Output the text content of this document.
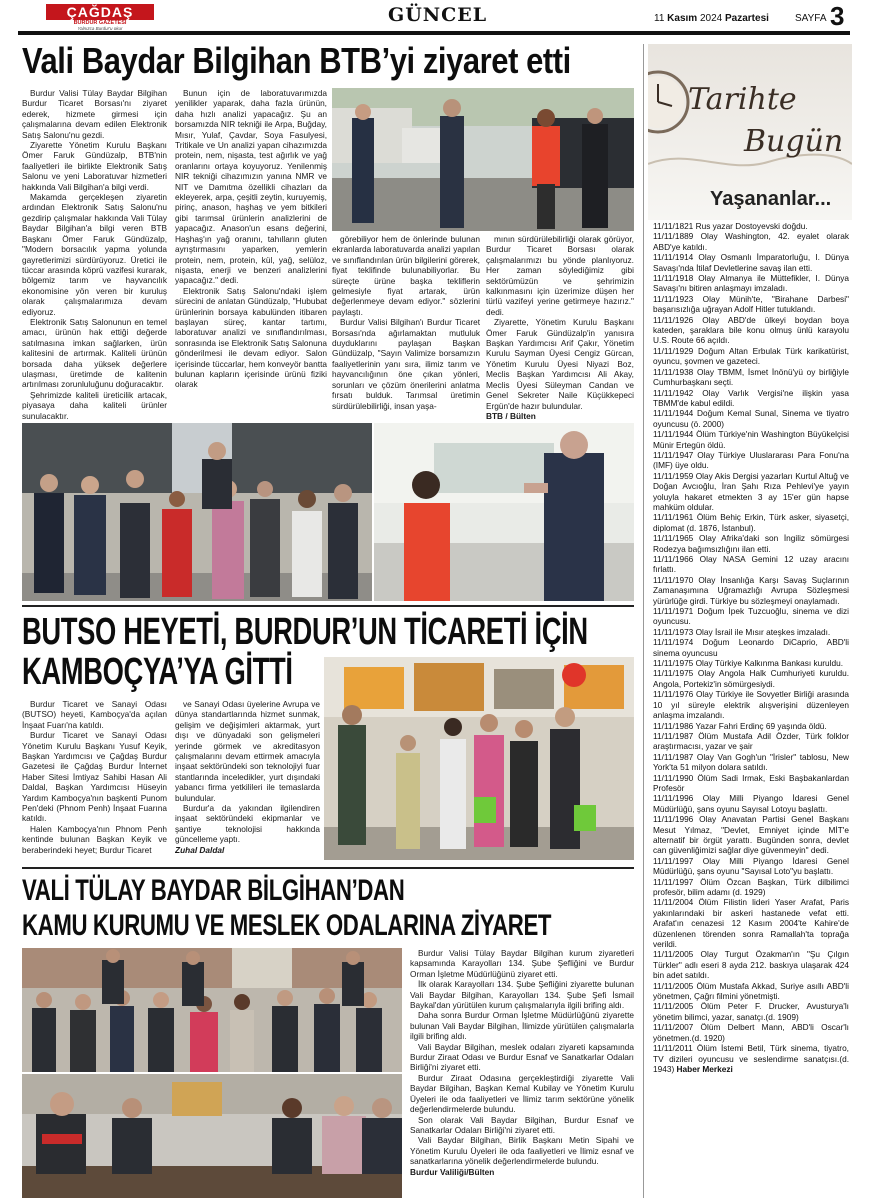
ÇAĞDAŞ
BURDUR GAZETESİ
Yalnızca Burdur'u okur
GÜNCEL	11 Kasım 2024 Pazartesi	SAYFA 3
Vali Baydar Bilgihan BTB’yi ziyaret etti

Burdur Valisi Tülay Baydar Bilgihan Burdur Ticaret Borsası'nı ziyaret ederek, hizmete girmesi için çalışmalarına devam edilen Elektronik Satış Salonu'nu gezdi.

Ziyarette Yönetim Kurulu Başkanı Ömer Faruk Gündüzalp, BTB'nin faaliyetleri ile birlikte Elektronik Satış Salonu ve yeni Laboratuvar hizmetleri hakkında Vali Bilgihan'a bilgi verdi.

Makamda gerçekleşen ziyaretin ardından Elektronik Satış Salonu'nu gezdirip çalışmalar hakkında Vali Tülay Baydar Bilgihan'a bilgi veren BTB Başkanı Ömer Faruk Gündüzalp, "Modern borsacılık yapma yolunda gayretlerimizi sürdürüyoruz. Üretici ile tüccar arasında köprü vazifesi kurarak, bölgemiz tarım ve hayvancılık ekonomisine yön veren bir kuruluş olarak çalışmalarımıza devam ediyoruz.

Elektronik Satış Salonunun en temel amacı, ürünün hak ettiği değerde satılmasına imkan sağlarken, ürün kalitesini de artırmak. Kaliteli ürünün borsada daha yüksek değerlere ulaşması, üretimde de kalitenin artırılması zorunluluğunu doğuracaktır.

Şehrimizde kaliteli üreticilik artacak, piyasaya daha kaliteli ürünler sunulacaktır.

Bunun için de laboratuvarımızda yenilikler yaparak, daha fazla ürünün, daha hızlı analizi yapacağız. Şu an borsamızda NIR tekniği ile Arpa, Buğday, Mısır, Yulaf, Çavdar, Soya Fasulyesi, Tritikale ve Un analizi yapan cihazımızda protein, nem, nişasta, test ağırlık ve yağ oranlarını ortaya koyuyoruz. Yenilenmiş NIR tekniği cihazımızın yanına NMR ve NIT ve Damıtma özellikli cihazları da ekleyerek, arpa, çeşitli zeytin, kuruyemiş, pirinç, anason, haşhaş ve yem bitkileri gibi tarımsal ürünlerin analizlerini de yapacağız. Anason'un esans değerini, Haşhaş'ın yağ oranını, tahılların gluten ayrıştırmasını yaparken, yemlerin protein, nem, protein, kül, yağ, selüloz, nişasta, enerji ve benzeri analizlerini yapacağız." dedi.

Elektronik Satış Salonu'ndaki işlem sürecini de anlatan Gündüzalp, "Hububat ürünlerinin borsaya kabulünden itibaren başlayan süreç, kantar tartımı, laboratuvar analizi ve sınıflandırılması, sonrasında ise Elektronik Satış Salonuna gönderilmesi ile devam ediyor. Salon içerisinde tüccarlar, hem konveyör bantta bulunan kapların içerisinde ürünü fiziki olarak

görebiliyor hem de önlerinde bulunan ekranlarda laboratuvarda analizi yapılan ve sınıflandırılan ürün bilgilerini görerek, fiyat teklifinde bulunabiliyorlar. Bu süreçte ürüne başka tekliflerin gelmesiyle fiyat artarak, ürün değerlenmeye devam ediyor." sözlerini paylaştı.

Burdur Valisi Bilgihan'ı Burdur Ticaret Borsası'nda ağırlamaktan mutluluk duyduklarını paylaşan Başkan Gündüzalp, "Sayın Valimize borsamızın faaliyetlerinin yanı sıra, ilimiz tarım ve hayvancılığının öne çıkan yönleri, sorunları ve çözüm önerilerini anlatma fırsatı bulduk. Tarımsal üretimin sürdürülebilirliği, insan yaşa-

mının sürdürülebilirliği olarak görüyor, Burdur Ticaret Borsası olarak çalışmalarımızı bu yönde planlıyoruz. Her zaman söylediğimiz gibi sektörümüzün ve şehrimizin kalkınmasını için üzerimize düşen her türlü vazifeyi yerine getirmeye hazırız." dedi.

Ziyarette, Yönetim Kurulu Başkanı Ömer Faruk Gündüzalp'in yanısıra Başkan Yardımcısı Arif Çakır, Yönetim Kurulu Sayman Üyesi Cengiz Gürcan, Yönetim Kurulu Üyesi Niyazi Boz, Meclis Başkan Yardımcısı Ali Akay, Meclis Üyesi Süleyman Candan ve Genel Sekreter Naile Küçükkepeci Ergün'de hazır bulundular.

BTB / Bülten

BUTSO HEYETİ, BURDUR’UN TİCARETİ İÇİN
KAMBOÇYA’YA GİTTİ

Burdur Ticaret ve Sanayi Odası (BUTSO) heyeti, Kamboçya'da açılan İnşaat Fuarı'na katıldı.

Burdur Ticaret ve Sanayi Odası Yönetim Kurulu Başkanı Yusuf Keyik, Başkan Yardımcısı ve Çağdaş Burdur Gazetesi ile Çağdaş Burdur İnternet Haber Sitesi İmtiyaz Sahibi Hasan Ali Daldal, Başkan Yardımcısı Hüseyin Yardım Kamboçya'nın başkenti Punom Pen'deki (Phnom Penh) İnşaat Fuarına katıldı.

Halen Kamboçya'nın Phnom Penh kentinde bulunan Başkan Keyik ve beraberindeki heyet; Burdur Ticaret

ve Sanayi Odası üyelerine Avrupa ve dünya standartlarında hizmet sunmak, gelişim ve değişimleri aktarmak, yurt dışı ve dünyadaki son gelişmeleri yerinde görmek ve akreditasyon çalışmalarını devam ettirmek amacıyla inşaat sektöründeki son teknolojiyi fuar stantlarında inceledikler, yurt dışındaki yabancı firma yetkilileri ile temaslarda bulundular.

Burdur'a da yakından ilgilendiren inşaat sektöründeki ekipmanlar ve şantiye teknolojisi hakkında güncelleme yaptı.

Zuhal Daldal

VALİ TÜLAY BAYDAR BİLGİHAN’DAN
KAMU KURUMU VE MESLEK ODALARINA ZİYARET

Burdur Valisi Tülay Baydar Bilgihan kurum ziyaretleri kapsamında Karayolları 134. Şube Şefliğini ve Burdur Orman İşletme Müdürlüğünü ziyaret etti.

İlk olarak Karayolları 134. Şube Şefliğini ziyarette bulunan Vali Baydar Bilgihan, Karayolları 134. Şube Şefi İsmail Baykal'dan yürütülen kurum çalışmalarıyla ilgili brifing aldı.

Daha sonra Burdur Orman İşletme Müdürlüğünü ziyarette bulunan Vali Baydar Bilgihan, İlimizde yürütülen çalışmalarla ilgili brifing aldı.

Vali Baydar Bilgihan, meslek odaları ziyareti kapsamında Burdur Ziraat Odası ve Burdur Esnaf ve Sanatkarlar Odaları Birliği'ni ziyaret etti.

Burdur Ziraat Odasına gerçekleştirdiği ziyarette Vali Baydar Bilgihan, Başkan Kemal Kubilay ve Yönetim Kurulu Üyeleri ile oda faaliyetleri ve İlimiz tarım sektörüne yönelik değerlendirmelerde bulundu.

Son olarak Vali Baydar Bilgihan, Burdur Esnaf ve Sanatkarlar Odaları Birliği'ni ziyaret etti.

Vali Baydar Bilgihan, Birlik Başkanı Metin Sipahi ve Yönetim Kurulu Üyeleri ile oda faaliyetleri ve İlimiz esnaf ve sanatkarlarına yönelik değerlendirmelerde bulundu.

Burdur Valiliği/Bülten

Tarihte
Bugün
Yaşananlar...
11/11/1821 Rus yazar Dostoyevski doğdu.
11/11/1889 Olay Washington, 42. eyalet olarak ABD'ye katıldı.
11/11/1914 Olay Osmanlı İmparatorluğu, I. Dünya Savaşı'nda İtilaf Devletlerine savaş ilan etti.
11/11/1918 Olay Almanya ile Müttefikler, I. Dünya Savaşı'nı bitiren anlaşmayı imzaladı.
11/11/1923 Olay Münih'te, "Birahane Darbesi" başarısızlığa uğrayan Adolf Hitler tutuklandı.
11/11/1926 Olay ABD'de ülkeyi boydan boya kateden, şaraklara bile konu olmuş ünlü karayolu U.S. Route 66 açıldı.
11/11/1929 Doğum Altan Erbulak Türk karikatürist, oyuncu, şovmen ve gazeteci.
11/11/1938 Olay TBMM, İsmet İnönü'yü oy birliğiyle Cumhurbaşkanı seçti.
11/11/1942 Olay Varlık Vergisi'ne ilişkin yasa TBMM'de kabul edildi.
11/11/1944 Doğum Kemal Sunal, Sinema ve tiyatro oyuncusu (ö. 2000)
11/11/1944 Ölüm Türkiye'nin Washington Büyükelçisi Münir Ertegün öldü.
11/11/1947 Olay Türkiye Uluslararası Para Fonu'na (IMF) üye oldu.
11/11/1959 Olay Akis Dergisi yazarları Kurtul Altuğ ve Doğan Avcıoğlu, İran Şahı Rıza Pehlevi'ye yayın yoluyla hakaret etmekten 3 ay 15'er gün hapse mahküm oldular.
11/11/1961 Ölüm Behiç Erkin, Türk asker, siyasetçi, diplomat (d. 1876, İstanbul).
11/11/1965 Olay Afrika'daki son İngiliz sömürgesi Rodezya bağımsızlığını ilan etti.
11/11/1966 Olay NASA Gemini 12 uzay aracını fırlattı.
11/11/1970 Olay İnsanlığa Karşı Savaş Suçlarının Zamanaşımına Uğramazlığı Avrupa Sözleşmesi yürürlüğe girdi. Türkiye bu sözleşmeyi onaylamadı.
11/11/1971 Doğum İpek Tuzcuoğlu, sinema ve dizi oyuncusu.
11/11/1973 Olay İsrail ile Mısır ateşkes imzaladı.
11/11/1974 Doğum Leonardo DiCaprio, ABD'li sinema oyuncusu
11/11/1975 Olay Türkiye Kalkınma Bankası kuruldu.
11/11/1975 Olay Angola Halk Cumhuriyeti kuruldu. Angola, Portekiz'in sömürgesiydi.
11/11/1976 Olay Türkiye ile Sovyetler Birliği arasında 10 yıl süreyle elektrik alışverişini düzenleyen anlaşma imzalandı.
11/11/1986 Yazar Fahri Erdinç 69 yaşında öldü.
11/11/1987 Ölüm Mustafa Adil Özder, Türk folklor araştırmacısı, yazar ve şair
11/11/1987 Olay Van Gogh'un "İrisler" tablosu, New York'ta 51 milyon dolara satıldı.
11/11/1990 Ölüm Sadi Irmak, Eski Başbakanlardan Profesör
11/11/1996 Olay Milli Piyango İdaresi Genel Müdürlüğü, şans oyunu Sayısal Lotoyu başlattı.
11/11/1996 Olay Anavatan Partisi Genel Başkanı Mesut Yılmaz, "Devlet, Emniyet içinde MİT'e alternatif bir örgüt yarattı. Bugünden sonra, devlet can güvenliğimizi sağlar diye güvenmeyin" dedi.
11/11/1997 Olay Milli Piyango İdaresi Genel Müdürlüğü, şans oyunu "Sayısal Loto"yu başlattı.
11/11/1997 Ölüm Özcan Başkan, Türk dilbilimci profesör, bilim adamı (d. 1929)
11/11/2004 Ölüm Filistin lideri Yaser Arafat, Paris yakınlarındaki bir askeri hastanede vefat etti. Arafat'ın cenazesi 12 Kasım 2004'te Kahire'de düzenlenen törenden sonra Ramallah'ta toprağa verildi.
11/11/2005 Olay Turgut Özakman'ın "Şu Çılgın Türkler" adlı eseri 8 ayda 212. baskıya ulaşarak 424 bin adet satıldı.
11/11/2005 Ölüm Mustafa Akkad, Suriye asıllı ABD'li yönetmen, Çağrı filmini yönetmişti.
11/11/2005 Ölüm Peter F. Drucker, Avusturya'lı yönetim bilimci, yazar, sanatçı.(d. 1909)
11/11/2007 Ölüm Delbert Mann, ABD'li Oscar'lı yönetmen.(d. 1920)
11/11/2011 Ölüm İstemi Betil, Türk sinema, tiyatro, TV dizileri oyuncusu ve seslendirme sanatçısı.(d. 1943) Haber Merkezi
